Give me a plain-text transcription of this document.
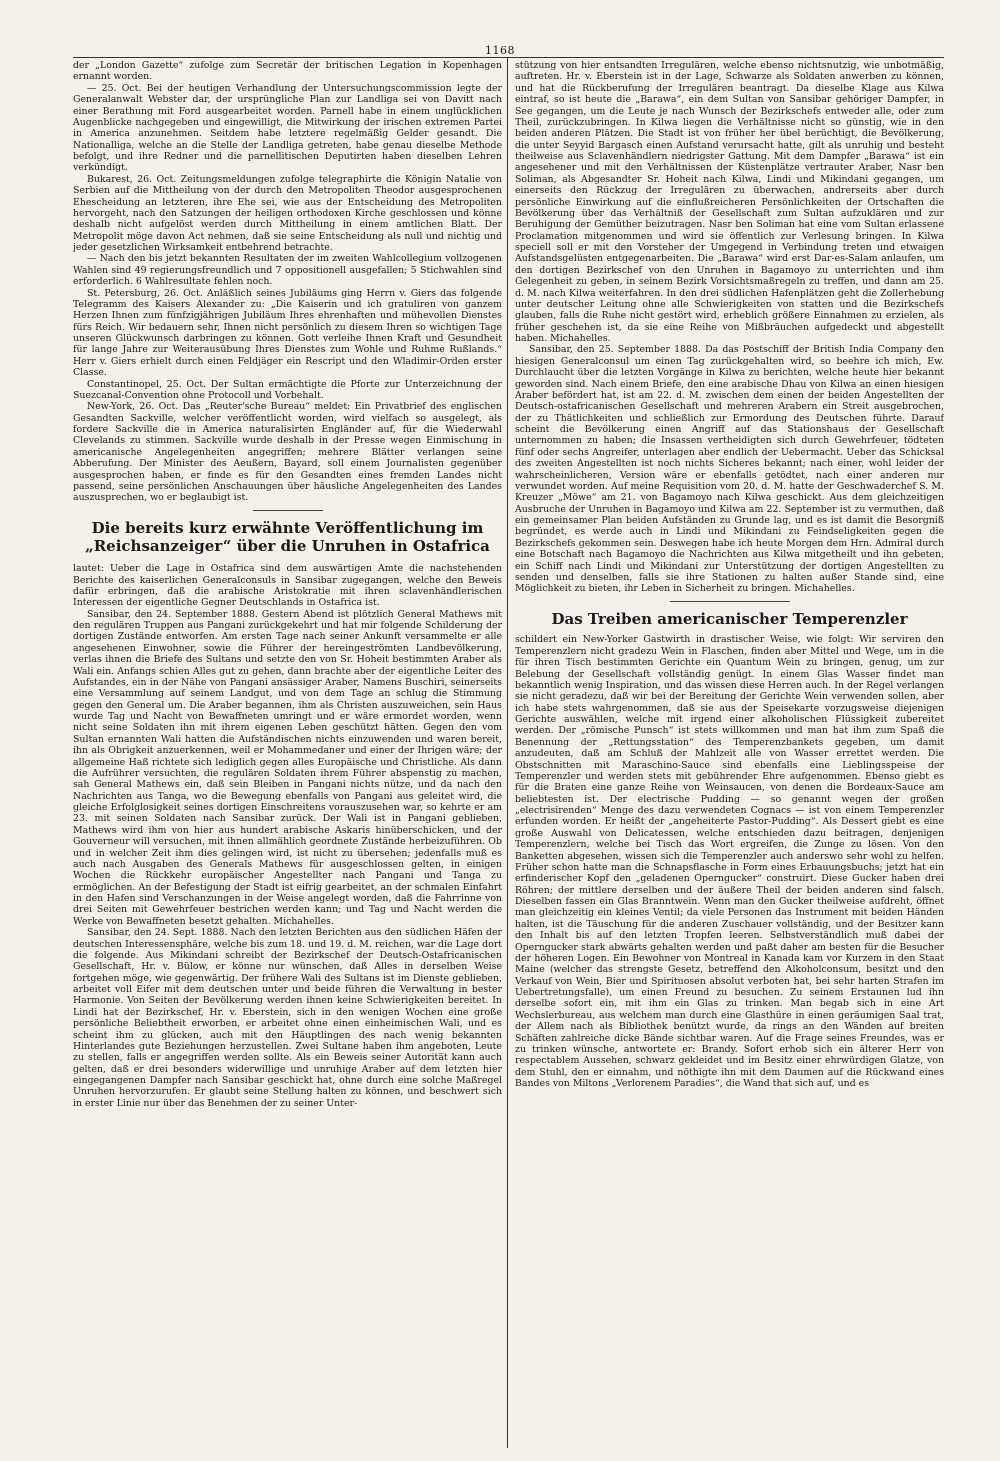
1168

der „London Gazette“ zufolge zum Secretär der britischen Legation in Kopenhagen ernannt worden.

— 25. Oct. Bei der heutigen Verhandlung der Untersuchungscommission legte der Generalanwalt Webster dar, der ursprüngliche Plan zur Landliga sei von Davitt nach einer Berathung mit Ford ausgearbeitet worden. Parnell habe in einem unglücklichen Augenblicke nachgegeben und eingewilligt, die Mitwirkung der irischen extremen Partei in America anzunehmen. Seitdem habe letztere regelmäßig Gelder gesandt. Die Nationalliga, welche an die Stelle der Landliga getreten, habe genau dieselbe Methode befolgt, und ihre Redner und die parnellitischen Deputirten haben dieselben Lehren verkündigt.

Bukarest, 26. Oct. Zeitungsmeldungen zufolge telegraphirte die Königin Natalie von Serbien auf die Mittheilung von der durch den Metropoliten Theodor ausgesprochenen Ehescheidung an letzteren, ihre Ehe sei, wie aus der Entscheidung des Metropoliten hervorgeht, nach den Satzungen der heiligen orthodoxen Kirche geschlossen und könne deshalb nicht aufgelöst werden durch Mittheilung in einem amtlichen Blatt. Der Metropolit möge davon Act nehmen, daß sie seine Entscheidung als null und nichtig und jeder gesetzlichen Wirksamkeit entbehrend betrachte.

— Nach den bis jetzt bekannten Resultaten der im zweiten Wahlcollegium vollzogenen Wahlen sind 49 regierungsfreundlich und 7 oppositionell ausgefallen; 5 Stichwahlen sind erforderlich. 6 Wahlresultate fehlen noch.

St. Petersburg, 26. Oct. Anläßlich seines Jubiläums ging Herrn v. Giers das folgende Telegramm des Kaisers Alexander zu: „Die Kaiserin und ich gratuliren von ganzem Herzen Ihnen zum fünfzigjährigen Jubiläum Ihres ehrenhaften und mühevollen Dienstes fürs Reich. Wir bedauern sehr, Ihnen nicht persönlich zu diesem Ihren so wichtigen Tage unseren Glückwunsch darbringen zu können. Gott verleihe Ihnen Kraft und Gesundheit für lange Jahre zur Weiterausübung Ihres Dienstes zum Wohle und Ruhme Rußlands.“ Herr v. Giers erhielt durch einen Feldjäger ein Rescript und den Wladimir-Orden erster Classe.

Constantinopel, 25. Oct. Der Sultan ermächtigte die Pforte zur Unterzeichnung der Suezcanal-Convention ohne Protocoll und Vorbehalt.

New-York, 26. Oct. Das „Reuter'sche Bureau“ meldet: Ein Privatbrief des englischen Gesandten Sackville, welcher veröffentlicht worden, wird vielfach so ausgelegt, als fordere Sackville die in America naturalisirten Engländer auf, für die Wiederwahl Clevelands zu stimmen. Sackville wurde deshalb in der Presse wegen Einmischung in americanische Angelegenheiten angegriffen; mehrere Blätter verlangen seine Abberufung. Der Minister des Aeußern, Bayard, soll einem Journalisten gegenüber ausgesprochen haben, er finde es für den Gesandten eines fremden Landes nicht passend, seine persönlichen Anschauungen über häusliche Angelegenheiten des Landes auszusprechen, wo er beglaubigt ist.

Die bereits kurz erwähnte Veröffentlichung im „Reichsanzeiger“ über die Unruhen in Ostafrica

lautet: Ueber die Lage in Ostafrica sind dem auswärtigen Amte die nachstehenden Berichte des kaiserlichen Generalconsuls in Sansibar zugegangen, welche den Beweis dafür erbringen, daß die arabische Aristokratie mit ihren sclavenhändlerischen Interessen der eigentliche Gegner Deutschlands in Ostafrica ist.

Sansibar, den 24. September 1888. Gestern Abend ist plötzlich General Mathews mit den regulären Truppen aus Pangani zurückgekehrt und hat mir folgende Schilderung der dortigen Zustände entworfen. Am ersten Tage nach seiner Ankunft versammelte er alle angesehenen Einwohner, sowie die Führer der hereingeströmten Landbevölkerung, verlas ihnen die Briefe des Sultans und setzte den von Sr. Hoheit bestimmten Araber als Wali ein. Anfangs schien Alles gut zu gehen, dann brachte aber der eigentliche Leiter des Aufstandes, ein in der Nähe von Pangani ansässiger Araber, Namens Buschiri, seinerseits eine Versammlung auf seinem Landgut, und von dem Tage an schlug die Stimmung gegen den General um. Die Araber begannen, ihm als Christen auszuweichen, sein Haus wurde Tag und Nacht von Bewaffneten umringt und er wäre ermordet worden, wenn nicht seine Soldaten ihn mit ihrem eigenen Leben geschützt hätten. Gegen den vom Sultan ernannten Wali hatten die Aufständischen nichts einzuwenden und waren bereit, ihn als Obrigkeit anzuerkennen, weil er Mohammedaner und einer der Ihrigen wäre; der allgemeine Haß richtete sich lediglich gegen alles Europäische und Christliche. Als dann die Aufrührer versuchten, die regulären Soldaten ihrem Führer abspenstig zu machen, sah General Mathews ein, daß sein Bleiben in Pangani nichts nütze, und da nach den Nachrichten aus Tanga, wo die Bewegung ebenfalls von Pangani aus geleitet wird, die gleiche Erfolglosigkeit seines dortigen Einschreitens vorauszusehen war, so kehrte er am 23. mit seinen Soldaten nach Sansibar zurück. Der Wali ist in Pangani geblieben, Mathews wird ihm von hier aus hundert arabische Askaris hinüberschicken, und der Gouverneur will versuchen, mit ihnen allmählich geordnete Zustände herbeizuführen. Ob und in welcher Zeit ihm dies gelingen wird, ist nicht zu übersehen; jedenfalls muß es auch nach Ausgaben des Generals Mathews für ausgeschlossen gelten, in einigen Wochen die Rückkehr europäischer Angestellter nach Pangani und Tanga zu ermöglichen. An der Befestigung der Stadt ist eifrig gearbeitet, an der schmalen Einfahrt in den Hafen sind Verschanzungen in der Weise angelegt worden, daß die Fahrrinne von drei Seiten mit Gewehrfeuer bestrichen werden kann; und Tag und Nacht werden die Werke von Bewaffneten besetzt gehalten. Michahelles.

Sansibar, den 24. Sept. 1888. Nach den letzten Berichten aus den südlichen Häfen der deutschen Interessensphäre, welche bis zum 18. und 19. d. M. reichen, war die Lage dort die folgende. Aus Mikindani schreibt der Bezirkschef der Deutsch-Ostafricanischen Gesellschaft, Hr. v. Bülow, er könne nur wünschen, daß Alles in derselben Weise fortgehen möge, wie gegenwärtig. Der frühere Wali des Sultans ist im Dienste geblieben, arbeitet voll Eifer mit dem deutschen unter und beide führen die Verwaltung in bester Harmonie. Von Seiten der Bevölkerung werden ihnen keine Schwierigkeiten bereitet. In Lindi hat der Bezirkschef, Hr. v. Eberstein, sich in den wenigen Wochen eine große persönliche Beliebtheit erworben, er arbeitet ohne einen einheimischen Wali, und es scheint ihm zu glücken, auch mit den Häuptlingen des nach wenig bekannten Hinterlandes gute Beziehungen herzustellen. Zwei Sultane haben ihm angeboten, Leute zu stellen, falls er angegriffen werden sollte. Als ein Beweis seiner Autorität kann auch gelten, daß er drei besonders widerwillige und unruhige Araber auf dem letzten hier eingegangenen Dampfer nach Sansibar geschickt hat, ohne durch eine solche Maßregel Unruhen hervorzurufen. Er glaubt seine Stellung halten zu können, und beschwert sich in erster Linie nur über das Benehmen der zu seiner Unter-

stützung von hier entsandten Irregulären, welche ebenso nichtsnutzig, wie unbotmäßig, auftreten. Hr. v. Eberstein ist in der Lage, Schwarze als Soldaten anwerben zu können, und hat die Rückberufung der Irregulären beantragt. Da dieselbe Klage aus Kilwa eintraf, so ist heute die „Barawa“, ein dem Sultan von Sansibar gehöriger Dampfer, in See gegangen, um die Leute je nach Wunsch der Bezirkschefs entweder alle, oder zum Theil, zurückzubringen. In Kilwa liegen die Verhältnisse nicht so günstig, wie in den beiden anderen Plätzen. Die Stadt ist von früher her übel berüchtigt, die Bevölkerung, die unter Seyyid Bargasch einen Aufstand verursacht hatte, gilt als unruhig und besteht theilweise aus Sclavenhändlern niedrigster Gattung. Mit dem Dampfer „Barawa“ ist ein angesehener und mit den Verhältnissen der Küstenplätze vertrauter Araber, Nasr ben Soliman, als Abgesandter Sr. Hoheit nach Kilwa, Lindi und Mikindani gegangen, um einerseits den Rückzug der Irregulären zu überwachen, andrerseits aber durch persönliche Einwirkung auf die einflußreicheren Persönlichkeiten der Ortschaften die Bevölkerung über das Verhältniß der Gesellschaft zum Sultan aufzuklären und zur Beruhigung der Gemüther beizutragen. Nasr ben Soliman hat eine vom Sultan erlassene Proclamation mitgenommen und wird sie öffentlich zur Verlesung bringen. In Kilwa speciell soll er mit den Vorsteher der Umgegend in Verbindung treten und etwaigen Aufstandsgelüsten entgegenarbeiten. Die „Barawa“ wird erst Dar-es-Salam anlaufen, um den dortigen Bezirkschef von den Unruhen in Bagamoyo zu unterrichten und ihm Gelegenheit zu geben, in seinem Bezirk Vorsichtsmaßregeln zu treffen, und dann am 25. d. M. nach Kilwa weiterfahren. In den drei südlichen Hafenplätzen geht die Zollerhebung unter deutscher Leitung ohne alle Schwierigkeiten von statten und die Bezirkschefs glauben, falls die Ruhe nicht gestört wird, erheblich größere Einnahmen zu erzielen, als früher geschehen ist, da sie eine Reihe von Mißbräuchen aufgedeckt und abgestellt haben. Michahelles.

Sansibar, den 25. September 1888. Da das Postschiff der British India Company den hiesigen Generalconsul um einen Tag zurückgehalten wird, so beehre ich mich, Ew. Durchlaucht über die letzten Vorgänge in Kilwa zu berichten, welche heute hier bekannt geworden sind. Nach einem Briefe, den eine arabische Dhau von Kilwa an einen hiesigen Araber befördert hat, ist am 22. d. M. zwischen dem einen der beiden Angestellten der Deutsch-ostafricanischen Gesellschaft und mehreren Arabern ein Streit ausgebrochen, der zu Thätlichkeiten und schließlich zur Ermordung des Deutschen führte. Darauf scheint die Bevölkerung einen Angriff auf das Stationshaus der Gesellschaft unternommen zu haben; die Insassen vertheidigten sich durch Gewehrfeuer, tödteten fünf oder sechs Angreifer, unterlagen aber endlich der Uebermacht. Ueber das Schicksal des zweiten Angestellten ist noch nichts Sicheres bekannt; nach einer, wohl leider der wahrscheinlicheren, Version wäre er ebenfalls getödtet, nach einer anderen nur verwundet worden. Auf meine Requisition vom 20. d. M. hatte der Geschwaderchef S. M. Kreuzer „Möwe“ am 21. von Bagamoyo nach Kilwa geschickt. Aus dem gleichzeitigen Ausbruche der Unruhen in Bagamoyo und Kilwa am 22. September ist zu vermuthen, daß ein gemeinsamer Plan beiden Aufständen zu Grunde lag, und es ist damit die Besorgniß begründet, es werde auch in Lindi und Mikindani zu Feindseligkeiten gegen die Bezirkschefs gekommen sein. Deswegen habe ich heute Morgen dem Hrn. Admiral durch eine Botschaft nach Bagamoyo die Nachrichten aus Kilwa mitgetheilt und ihn gebeten, ein Schiff nach Lindi und Mikindani zur Unterstützung der dortigen Angestellten zu senden und denselben, falls sie ihre Stationen zu halten außer Stande sind, eine Möglichkeit zu bieten, ihr Leben in Sicherheit zu bringen. Michahelles.

Das Treiben americanischer Temperenzler

schildert ein New-Yorker Gastwirth in drastischer Weise, wie folgt: Wir serviren den Temperenzlern nicht gradezu Wein in Flaschen, finden aber Mittel und Wege, um in die für ihren Tisch bestimmten Gerichte ein Quantum Wein zu bringen, genug, um zur Belebung der Gesellschaft vollständig genügt. In einem Glas Wasser findet man bekanntlich wenig Inspiration, und das wissen diese Herren auch. In der Regel verlangen sie nicht geradezu, daß wir bei der Bereitung der Gerichte Wein verwenden sollen, aber ich habe stets wahrgenommen, daß sie aus der Speisekarte vorzugsweise diejenigen Gerichte auswählen, welche mit irgend einer alkoholischen Flüssigkeit zubereitet werden. Der „römische Punsch“ ist stets willkommen und man hat ihm zum Spaß die Benennung der „Rettungsstation“ des Temperenzbankets gegeben, um damit anzudeuten, daß am Schluß der Mahlzeit alle von Wasser errettet werden. Die Obstschnitten mit Maraschino-Sauce sind ebenfalls eine Lieblingsspeise der Temperenzler und werden stets mit gebührender Ehre aufgenommen. Ebenso giebt es für die Braten eine ganze Reihe von Weinsaucen, von denen die Bordeaux-Sauce am beliebtesten ist. Der electrische Pudding — so genannt wegen der großen „electrisirenden“ Menge des dazu verwendeten Cognacs — ist von einem Temperenzler erfunden worden. Er heißt der „angeheiterte Pastor-Pudding“. Als Dessert giebt es eine große Auswahl von Delicatessen, welche entschieden dazu beitragen, denjenigen Temperenzlern, welche bei Tisch das Wort ergreifen, die Zunge zu lösen. Von den Banketten abgesehen, wissen sich die Temperenzler auch anderswo sehr wohl zu helfen. Früher schon hatte man die Schnapsflasche in Form eines Erbauungsbuchs; jetzt hat ein erfinderischer Kopf den „geladenen Operngucker“ construirt. Diese Gucker haben drei Röhren; der mittlere derselben und der äußere Theil der beiden anderen sind falsch. Dieselben fassen ein Glas Branntwein. Wenn man den Gucker theilweise aufdreht, öffnet man gleichzeitig ein kleines Ventil; da viele Personen das Instrument mit beiden Händen halten, ist die Täuschung für die anderen Zuschauer vollständig, und der Besitzer kann den Inhalt bis auf den letzten Tropfen leeren. Selbstverständlich muß dabei der Operngucker stark abwärts gehalten werden und paßt daher am besten für die Besucher der höheren Logen. Ein Bewohner von Montreal in Kanada kam vor Kurzem in den Staat Maine (welcher das strengste Gesetz, betreffend den Alkoholconsum, besitzt und den Verkauf von Wein, Bier und Spirituosen absolut verboten hat, bei sehr harten Strafen im Uebertretungsfalle), um einen Freund zu besuchen. Zu seinem Erstaunen lud ihn derselbe sofort ein, mit ihm ein Glas zu trinken. Man begab sich in eine Art Wechslerbureau, aus welchem man durch eine Glasthüre in einen geräumigen Saal trat, der Allem nach als Bibliothek benützt wurde, da rings an den Wänden auf breiten Schäften zahlreiche dicke Bände sichtbar waren. Auf die Frage seines Freundes, was er zu trinken wünsche, antwortete er: Brandy. Sofort erhob sich ein älterer Herr von respectablem Aussehen, schwarz gekleidet und im Besitz einer ehrwürdigen Glatze, von dem Stuhl, den er einnahm, und nöthigte ihn mit dem Daumen auf die Rückwand eines Bandes von Miltons „Verlorenem Paradies“, die Wand that sich auf, und es
